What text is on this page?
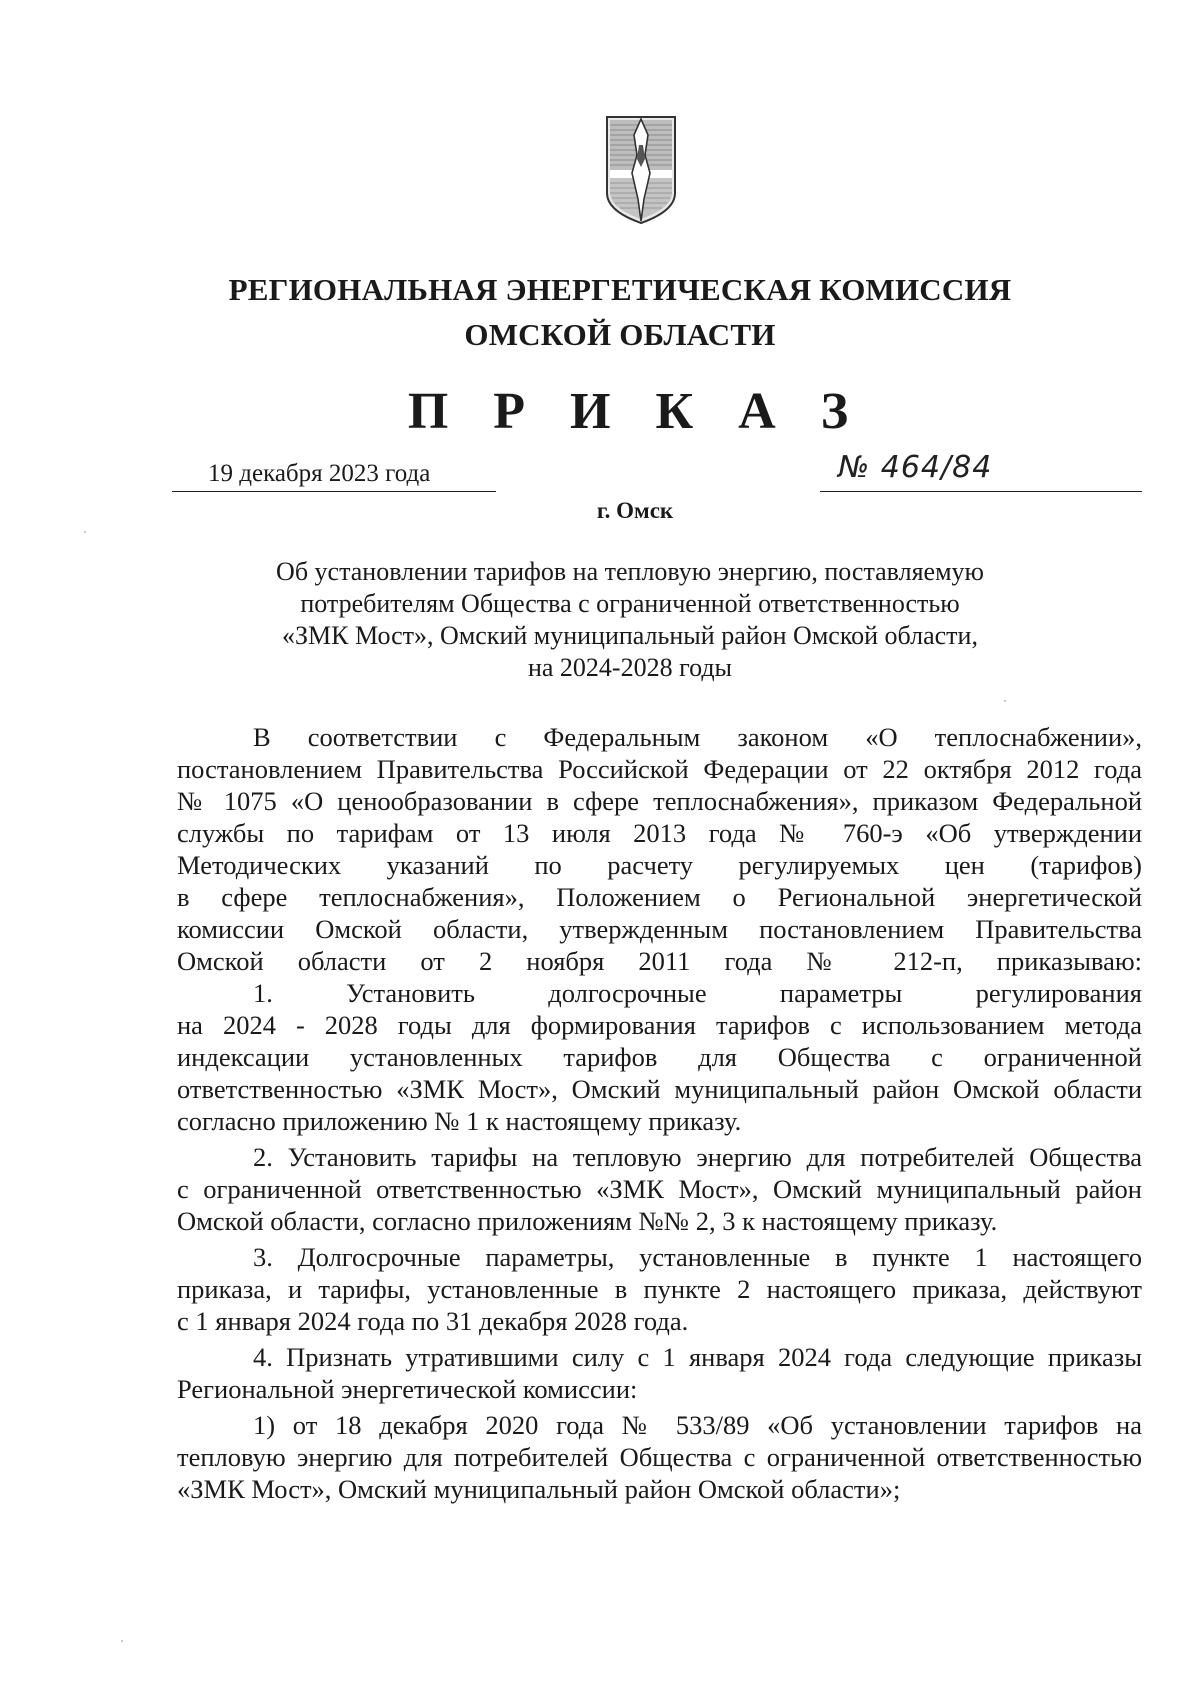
РЕГИОНАЛЬНАЯ ЭНЕРГЕТИЧЕСКАЯ КОМИССИЯ
ОМСКОЙ ОБЛАСТИ
П Р И К А З
19 декабря 2023 года	№ 464/84
г. Омск
Об установлении тарифов на тепловую энергию, поставляемую
потребителям Общества с ограниченной ответственностью
«ЗМК Мост», Омский муниципальный район Омской области,
на 2024-2028 годы
В соответствии с Федеральным законом «О теплоснабжении»,
постановлением Правительства Российской Федерации от 22 октября 2012 года
№ 1075 «О ценообразовании в сфере теплоснабжения», приказом Федеральной
службы по тарифам от 13 июля 2013 года № 760-э «Об утверждении
Методических указаний по расчету регулируемых цен (тарифов)
в сфере теплоснабжения», Положением о Региональной энергетической
комиссии Омской области, утвержденным постановлением Правительства
Омской области от 2 ноября 2011 года № 212-п, приказываю:
1. Установить долгосрочные параметры регулирования
на 2024 - 2028 годы для формирования тарифов с использованием метода
индексации установленных тарифов для Общества с ограниченной
ответственностью «ЗМК Мост», Омский муниципальный район Омской области
согласно приложению № 1 к настоящему приказу.
2. Установить тарифы на тепловую энергию для потребителей Общества
с ограниченной ответственностью «ЗМК Мост», Омский муниципальный район
Омской области, согласно приложениям №№ 2, 3 к настоящему приказу.
3. Долгосрочные параметры, установленные в пункте 1 настоящего
приказа, и тарифы, установленные в пункте 2 настоящего приказа, действуют
с 1 января 2024 года по 31 декабря 2028 года.
4. Признать утратившими силу с 1 января 2024 года следующие приказы
Региональной энергетической комиссии:
1) от 18 декабря 2020 года № 533/89 «Об установлении тарифов на
тепловую энергию для потребителей Общества с ограниченной ответственностью
«ЗМК Мост», Омский муниципальный район Омской области»;
